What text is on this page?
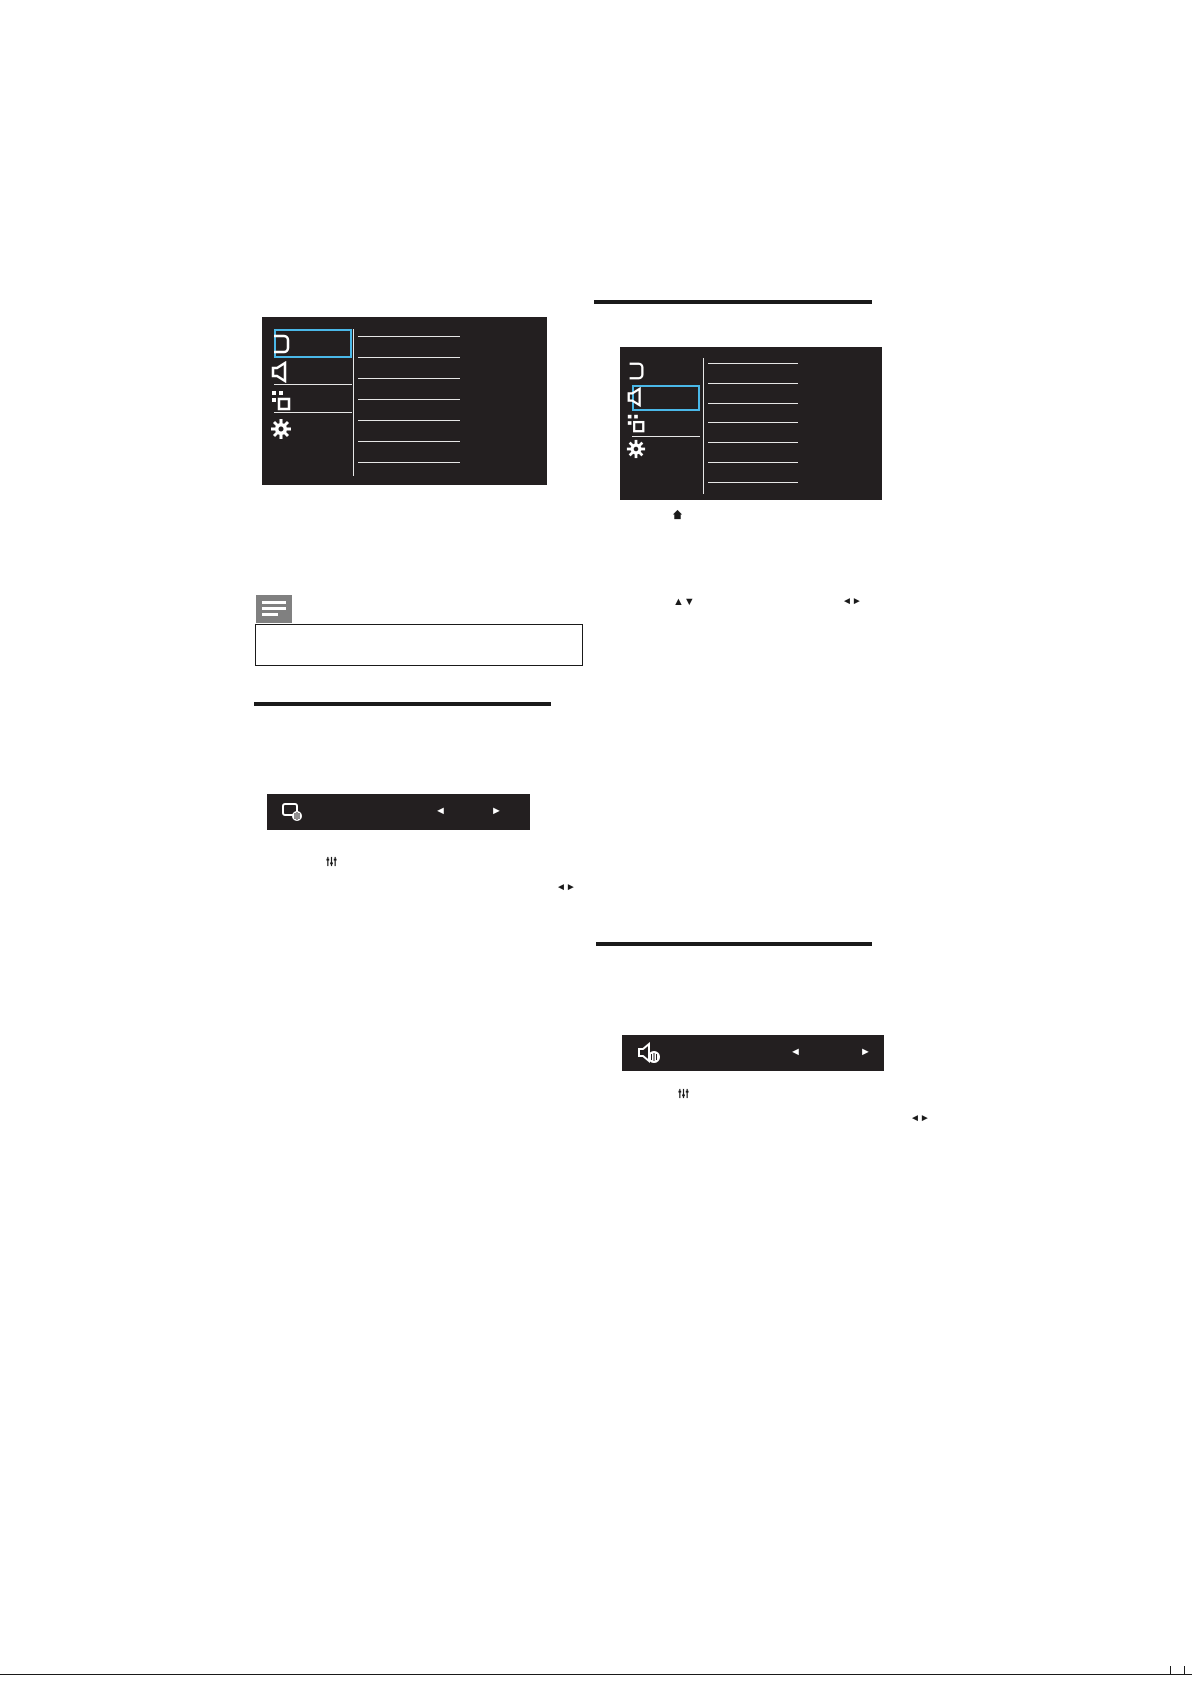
▲▼	◄►
◄	►
◄►
◄	►
◄►
